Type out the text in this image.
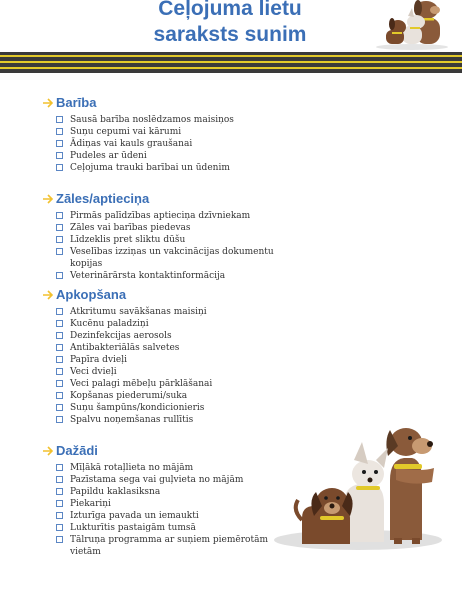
Ceļojuma lietu
saraksts sunim
Barība
Sausā barība noslēdzamos maisiņos
Suņu cepumi vai kārumi
Ādiņas vai kauls graušanai
Pudeles ar ūdeni
Ceļojuma trauki barībai un ūdenim
Zāles/aptieciņa
Pirmās palīdzības aptieciņa dzīvniekam
Zāles vai barības piedevas
Līdzeklis pret sliktu dūšu
Veselības izziņas un vakcinācijas dokumentu kopijas
Veterinārārsta kontaktinformācija
Apkopšana
Atkritumu savākšanas maisiņi
Kucēnu paladziņi
Dezinfekcijas aerosols
Antibakteriālās salvetes
Papīra dvieļi
Veci dvieļi
Veci palagi mēbeļu pārklāšanai
Kopšanas piederumi/suka
Suņu šampūns/kondicionieris
Spalvu noņemšanas rullītis
Dažādi
Mīļākā rotaļlieta no mājām
Pazīstama sega vai guļvieta no mājām
Papildu kaklasiksna
Piekariņi
Izturīga pavada un iemaukti
Lukturītis pastaigām tumsā
Tālruņa programma ar suņiem piemērotām vietām
